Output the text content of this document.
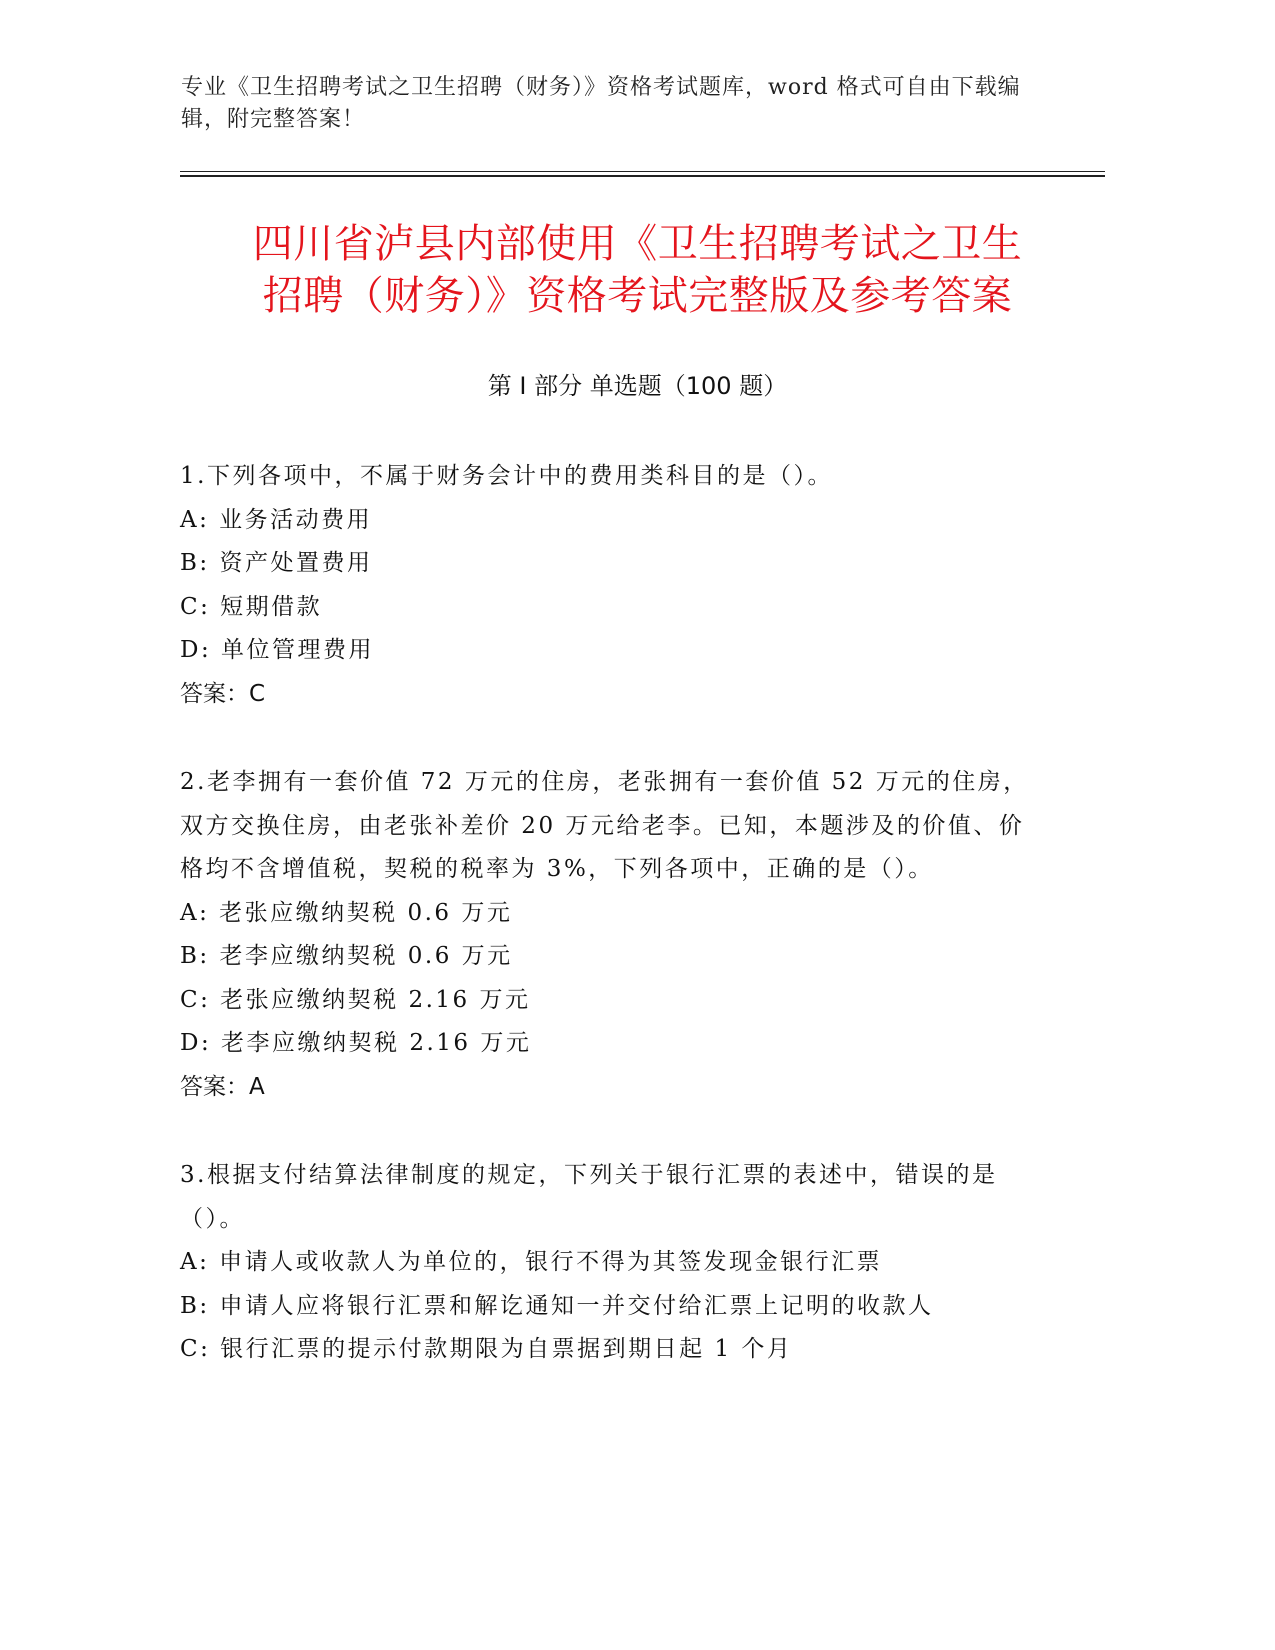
专业《卫生招聘考试之卫生招聘（财务）》资格考试题库，word 格式可自由下载编辑，附完整答案！
四川省泸县内部使用《卫生招聘考试之卫生
招聘（财务）》资格考试完整版及参考答案
第 I 部分 单选题（100 题）

1.下列各项中，不属于财务会计中的费用类科目的是（）。

A: 业务活动费用

B: 资产处置费用

C: 短期借款

D: 单位管理费用

答案：C

2.老李拥有一套价值 72 万元的住房，老张拥有一套价值 52 万元的住房，双方交换住房，由老张补差价 20 万元给老李。已知，本题涉及的价值、价格均不含增值税，契税的税率为 3%，下列各项中，正确的是（）。

A: 老张应缴纳契税 0.6 万元

B: 老李应缴纳契税 0.6 万元

C: 老张应缴纳契税 2.16 万元

D: 老李应缴纳契税 2.16 万元

答案：A

3.根据支付结算法律制度的规定，下列关于银行汇票的表述中，错误的是（）。

A: 申请人或收款人为单位的，银行不得为其签发现金银行汇票

B: 申请人应将银行汇票和解讫通知一并交付给汇票上记明的收款人

C: 银行汇票的提示付款期限为自票据到期日起 1 个月
